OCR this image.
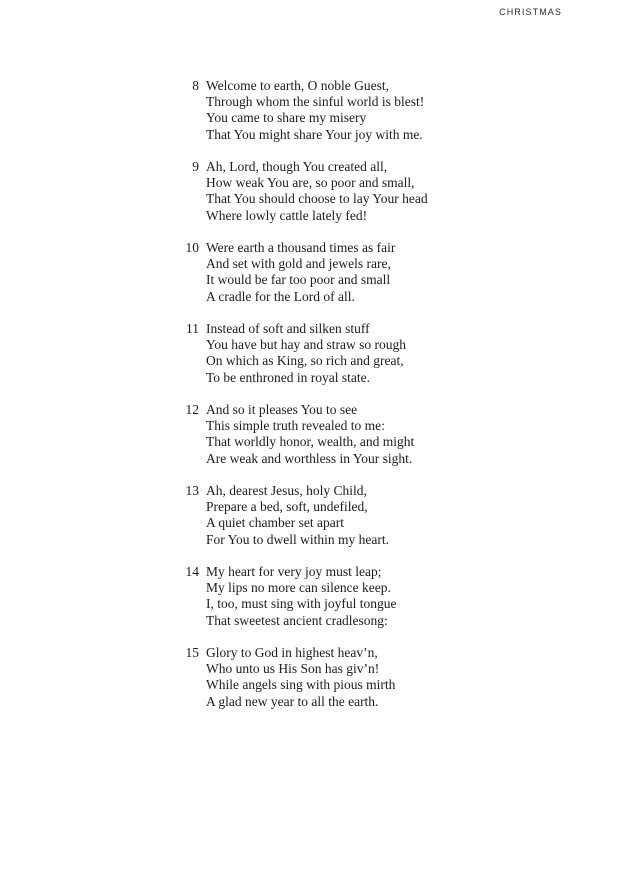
CHRISTMAS
8 Welcome to earth, O noble Guest,
Through whom the sinful world is blest!
You came to share my misery
That You might share Your joy with me.
9 Ah, Lord, though You created all,
How weak You are, so poor and small,
That You should choose to lay Your head
Where lowly cattle lately fed!
10 Were earth a thousand times as fair
And set with gold and jewels rare,
It would be far too poor and small
A cradle for the Lord of all.
11 Instead of soft and silken stuff
You have but hay and straw so rough
On which as King, so rich and great,
To be enthroned in royal state.
12 And so it pleases You to see
This simple truth revealed to me:
That worldly honor, wealth, and might
Are weak and worthless in Your sight.
13 Ah, dearest Jesus, holy Child,
Prepare a bed, soft, undefiled,
A quiet chamber set apart
For You to dwell within my heart.
14 My heart for very joy must leap;
My lips no more can silence keep.
I, too, must sing with joyful tongue
That sweetest ancient cradlesong:
15 Glory to God in highest heav’n,
Who unto us His Son has giv’n!
While angels sing with pious mirth
A glad new year to all the earth.
